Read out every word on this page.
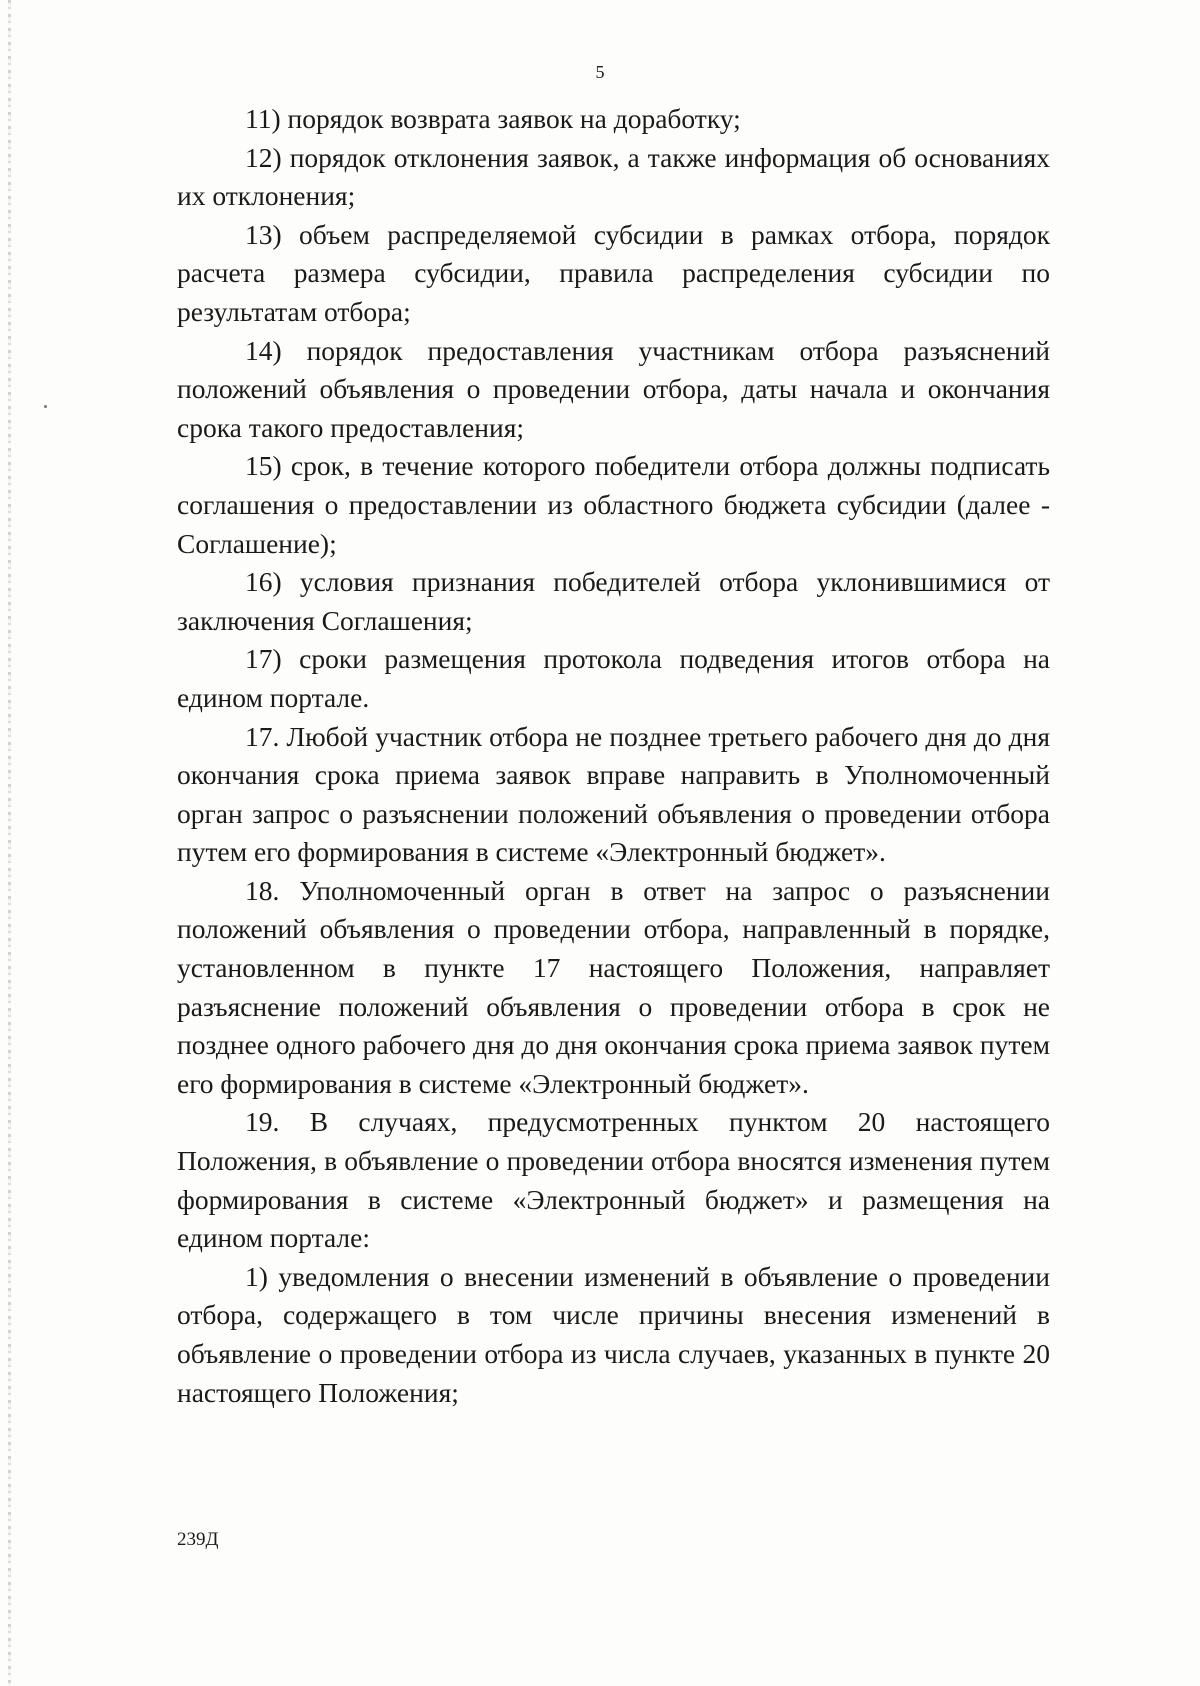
5

11) порядок возврата заявок на доработку;

12) порядок отклонения заявок, а также информация об основаниях их отклонения;

13) объем распределяемой субсидии в рамках отбора, порядок расчета размера субсидии, правила распределения субсидии по результатам отбора;

14) порядок предоставления участникам отбора разъяснений положений объявления о проведении отбора, даты начала и окончания срока такого предоставления;

15) срок, в течение которого победители отбора должны подписать соглашения о предоставлении из областного бюджета субсидии (далее - Соглашение);

16) условия признания победителей отбора уклонившимися от заключения Соглашения;

17) сроки размещения протокола подведения итогов отбора на едином портале.

17. Любой участник отбора не позднее третьего рабочего дня до дня окончания срока приема заявок вправе направить в Уполномоченный орган запрос о разъяснении положений объявления о проведении отбора путем его формирования в системе «Электронный бюджет».

18. Уполномоченный орган в ответ на запрос о разъяснении положений объявления о проведении отбора, направленный в порядке, установленном в пункте 17 настоящего Положения, направляет разъяснение положений объявления о проведении отбора в срок не позднее одного рабочего дня до дня окончания срока приема заявок путем его формирования в системе «Электронный бюджет».

19. В случаях, предусмотренных пунктом 20 настоящего Положения, в объявление о проведении отбора вносятся изменения путем формирования в системе «Электронный бюджет» и размещения на едином портале:

1) уведомления о внесении изменений в объявление о проведении отбора, содержащего в том числе причины внесения изменений в объявление о проведении отбора из числа случаев, указанных в пункте 20 настоящего Положения;

239Д
